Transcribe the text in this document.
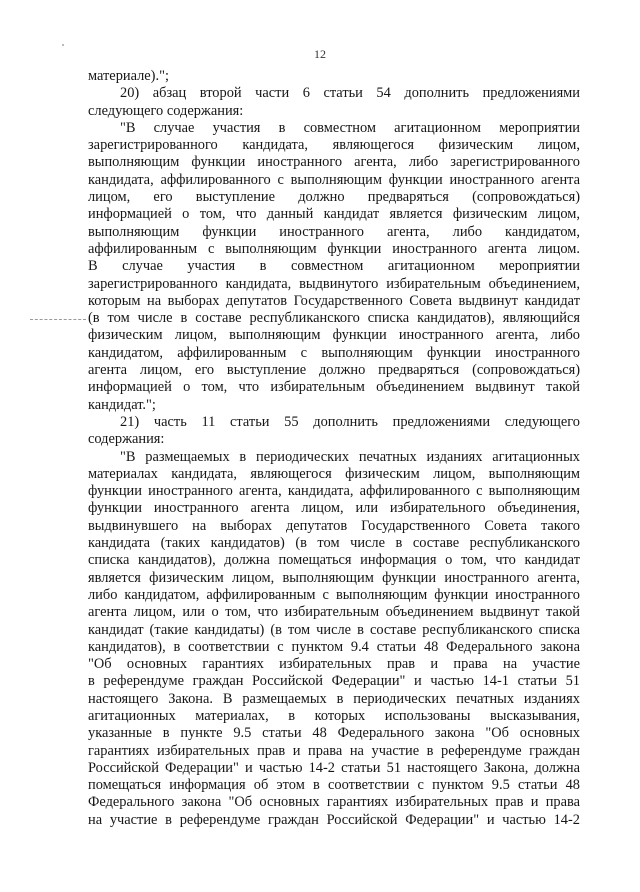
12
материале).";
20) абзац второй части 6 статьи 54 дополнить предложениями
следующего содержания:
"В случае участия в совместном агитационном мероприятии
зарегистрированного кандидата, являющегося физическим лицом,
выполняющим функции иностранного агента, либо зарегистрированного
кандидата, аффилированного с выполняющим функции иностранного агента
лицом, его выступление должно предваряться (сопровождаться)
информацией о том, что данный кандидат является физическим лицом,
выполняющим функции иностранного агента, либо кандидатом,
аффилированным с выполняющим функции иностранного агента лицом.
В случае участия в совместном агитационном мероприятии
зарегистрированного кандидата, выдвинутого избирательным объединением,
которым на выборах депутатов Государственного Совета выдвинут кандидат
(в том числе в составе республиканского списка кандидатов), являющийся
физическим лицом, выполняющим функции иностранного агента, либо
кандидатом, аффилированным с выполняющим функции иностранного
агента лицом, его выступление должно предваряться (сопровождаться)
информацией о том, что избирательным объединением выдвинут такой
кандидат.";
21) часть 11 статьи 55 дополнить предложениями следующего
содержания:
"В размещаемых в периодических печатных изданиях агитационных
материалах кандидата, являющегося физическим лицом, выполняющим
функции иностранного агента, кандидата, аффилированного с выполняющим
функции иностранного агента лицом, или избирательного объединения,
выдвинувшего на выборах депутатов Государственного Совета такого
кандидата (таких кандидатов) (в том числе в составе республиканского
списка кандидатов), должна помещаться информация о том, что кандидат
является физическим лицом, выполняющим функции иностранного агента,
либо кандидатом, аффилированным с выполняющим функции иностранного
агента лицом, или о том, что избирательным объединением выдвинут такой
кандидат (такие кандидаты) (в том числе в составе республиканского списка
кандидатов), в соответствии с пунктом 9.4 статьи 48 Федерального закона
"Об основных гарантиях избирательных прав и права на участие
в референдуме граждан Российской Федерации" и частью 14-1 статьи 51
настоящего Закона. В размещаемых в периодических печатных изданиях
агитационных материалах, в которых использованы высказывания,
указанные в пункте 9.5 статьи 48 Федерального закона "Об основных
гарантиях избирательных прав и права на участие в референдуме граждан
Российской Федерации" и частью 14-2 статьи 51 настоящего Закона, должна
помещаться информация об этом в соответствии с пунктом 9.5 статьи 48
Федерального закона "Об основных гарантиях избирательных прав и права
на участие в референдуме граждан Российской Федерации" и частью 14-2
